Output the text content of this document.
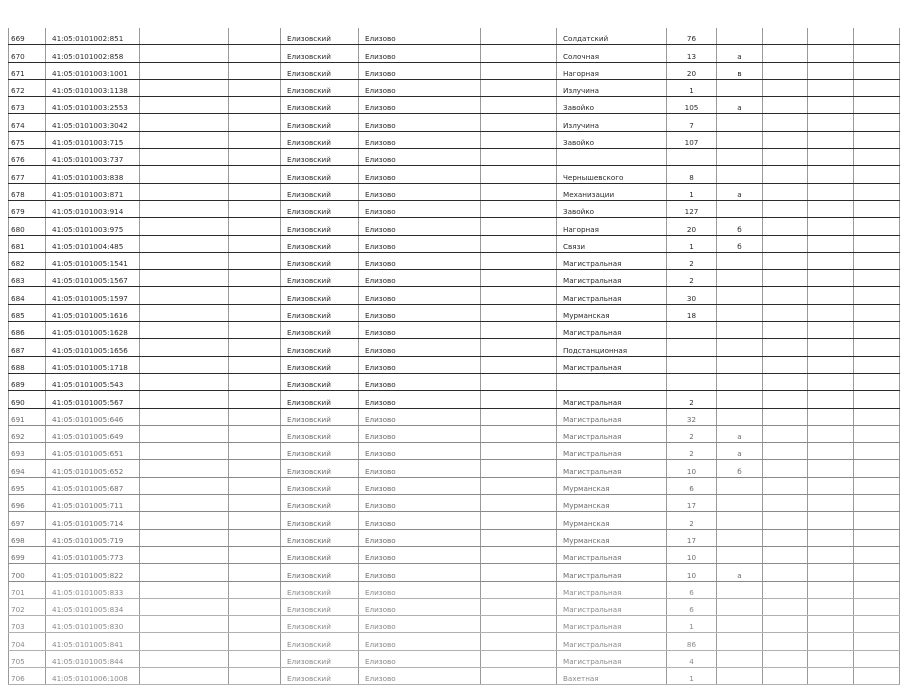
669	41:05:0101002:851			Елизовский	Елизово		Солдатский	76				
670	41:05:0101002:858			Елизовский	Елизово		Солочная	13	а			
671	41:05:0101003:1001			Елизовский	Елизово		Нагорная	20	в			
672	41:05:0101003:1138			Елизовский	Елизово		Излучина	1				
673	41:05:0101003:2553			Елизовский	Елизово		Завойко	105	а			
674	41:05:0101003:3042			Елизовский	Елизово		Излучина	7				
675	41:05:0101003:715			Елизовский	Елизово		Завойко	107				
676	41:05:0101003:737			Елизовский	Елизово							
677	41:05:0101003:838			Елизовский	Елизово		Чернышевского	8				
678	41:05:0101003:871			Елизовский	Елизово		Механизации	1	а			
679	41:05:0101003:914			Елизовский	Елизово		Завойко	127				
680	41:05:0101003:975			Елизовский	Елизово		Нагорная	20	б			
681	41:05:0101004:485			Елизовский	Елизово		Связи	1	б			
682	41:05:0101005:1541			Елизовский	Елизово		Магистральная	2				
683	41:05:0101005:1567			Елизовский	Елизово		Магистральная	2				
684	41:05:0101005:1597			Елизовский	Елизово		Магистральная	30				
685	41:05:0101005:1616			Елизовский	Елизово		Мурманская	18				
686	41:05:0101005:1628			Елизовский	Елизово		Магистральная					
687	41:05:0101005:1656			Елизовский	Елизово		Подстанционная					
688	41:05:0101005:1718			Елизовский	Елизово		Магистральная					
689	41:05:0101005:543			Елизовский	Елизово							
690	41:05:0101005:567			Елизовский	Елизово		Магистральная	2				
691	41:05:0101005:646			Елизовский	Елизово		Магистральная	32				
692	41:05:0101005:649			Елизовский	Елизово		Магистральная	2	а			
693	41:05:0101005:651			Елизовский	Елизово		Магистральная	2	а			
694	41:05:0101005:652			Елизовский	Елизово		Магистральная	10	б			
695	41:05:0101005:687			Елизовский	Елизово		Мурманская	6				
696	41:05:0101005:711			Елизовский	Елизово		Мурманская	17				
697	41:05:0101005:714			Елизовский	Елизово		Мурманская	2				
698	41:05:0101005:719			Елизовский	Елизово		Мурманская	17				
699	41:05:0101005:773			Елизовский	Елизово		Магистральная	10				
700	41:05:0101005:822			Елизовский	Елизово		Магистральная	10	а			
701	41:05:0101005:833			Елизовский	Елизово		Магистральная	6				
702	41:05:0101005:834			Елизовский	Елизово		Магистральная	6				
703	41:05:0101005:830			Елизовский	Елизово		Магистральная	1				
704	41:05:0101005:841			Елизовский	Елизово		Магистральная	86				
705	41:05:0101005:844			Елизовский	Елизово		Магистральная	4				
706	41:05:0101006:1008			Елизовский	Елизово		Вахетная	1				
